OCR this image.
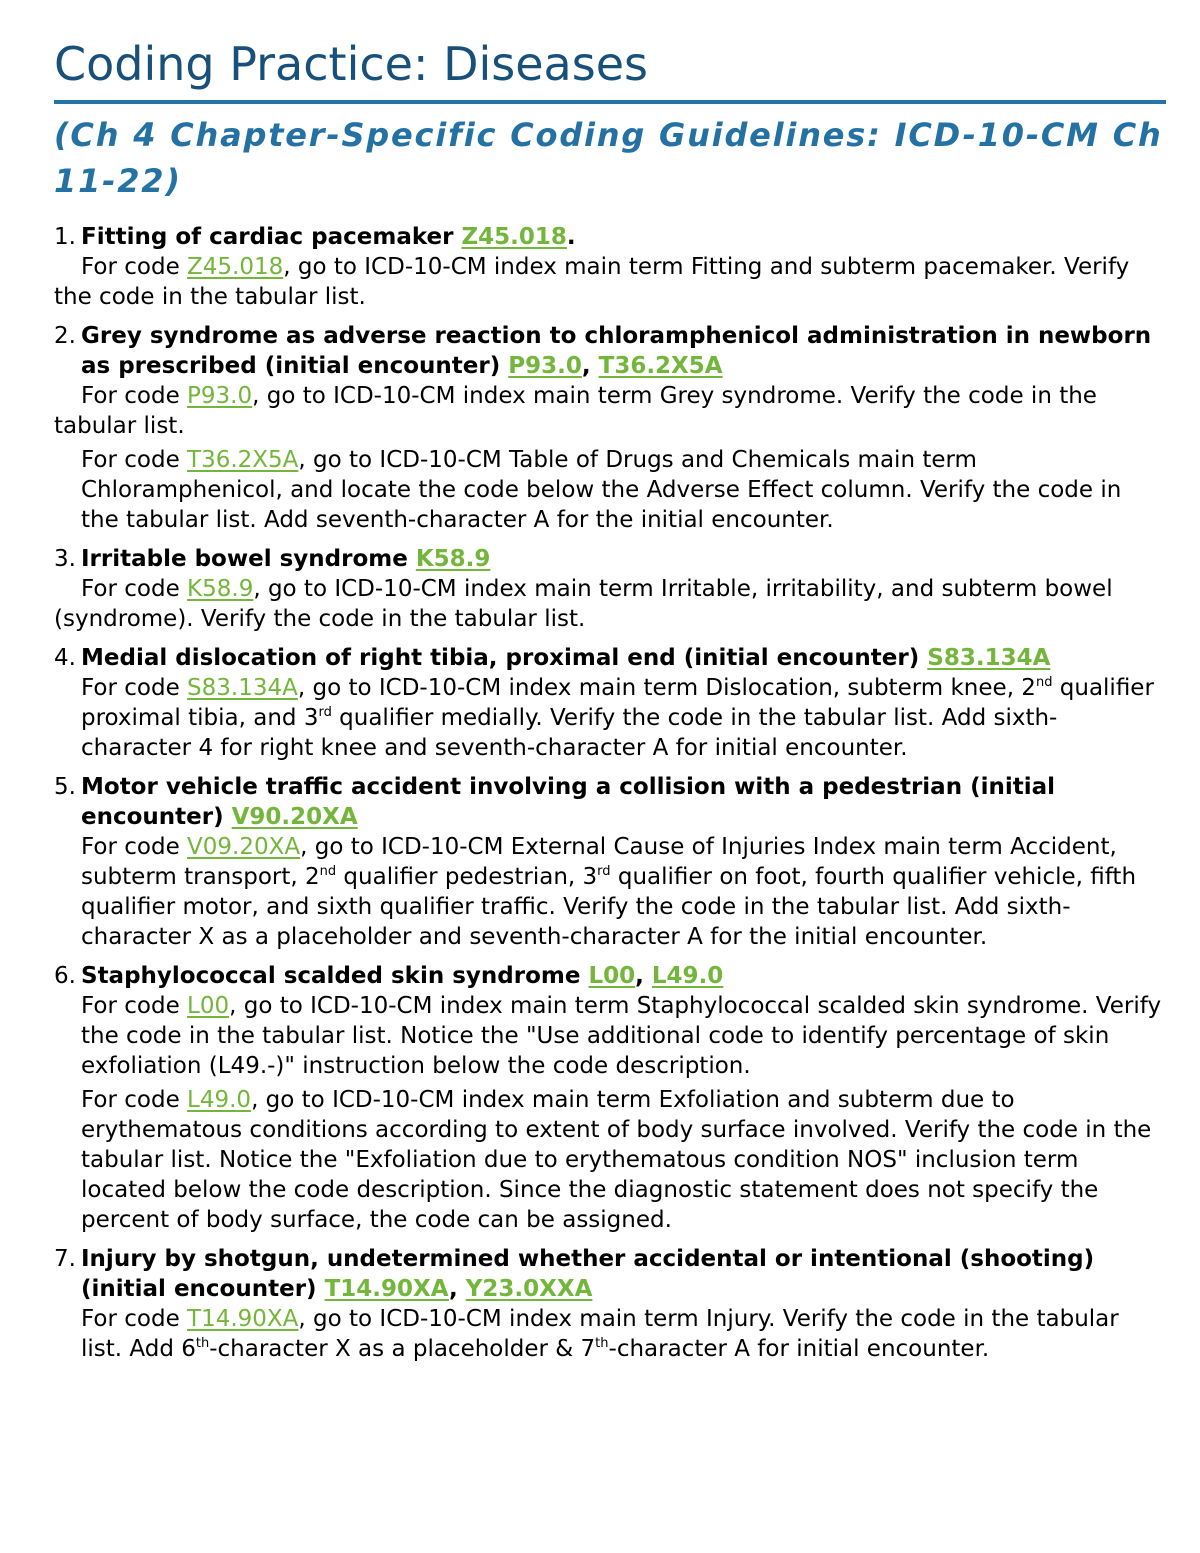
Coding Practice: Diseases
(Ch 4 Chapter-Specific Coding Guidelines: ICD-10-CM Ch 11-22)
1. Fitting of cardiac pacemaker Z45.018.
For code Z45.018, go to ICD-10-CM index main term Fitting and subterm pacemaker. Verify the code in the tabular list.
2. Grey syndrome as adverse reaction to chloramphenicol administration in newborn as prescribed (initial encounter) P93.0, T36.2X5A
For code P93.0, go to ICD-10-CM index main term Grey syndrome. Verify the code in the tabular list.
For code T36.2X5A, go to ICD-10-CM Table of Drugs and Chemicals main term Chloramphenicol, and locate the code below the Adverse Effect column. Verify the code in the tabular list. Add seventh-character A for the initial encounter.
3. Irritable bowel syndrome K58.9
For code K58.9, go to ICD-10-CM index main term Irritable, irritability, and subterm bowel (syndrome). Verify the code in the tabular list.
4. Medial dislocation of right tibia, proximal end (initial encounter) S83.134A
For code S83.134A, go to ICD-10-CM index main term Dislocation, subterm knee, 2nd qualifier proximal tibia, and 3rd qualifier medially. Verify the code in the tabular list. Add sixth-character 4 for right knee and seventh-character A for initial encounter.
5. Motor vehicle traffic accident involving a collision with a pedestrian (initial encounter) V90.20XA
For code V09.20XA, go to ICD-10-CM External Cause of Injuries Index main term Accident, subterm transport, 2nd qualifier pedestrian, 3rd qualifier on foot, fourth qualifier vehicle, fifth qualifier motor, and sixth qualifier traffic. Verify the code in the tabular list. Add sixth-character X as a placeholder and seventh-character A for the initial encounter.
6. Staphylococcal scalded skin syndrome L00, L49.0
For code L00, go to ICD-10-CM index main term Staphylococcal scalded skin syndrome. Verify the code in the tabular list. Notice the "Use additional code to identify percentage of skin exfoliation (L49.-)" instruction below the code description.
For code L49.0, go to ICD-10-CM index main term Exfoliation and subterm due to erythematous conditions according to extent of body surface involved. Verify the code in the tabular list. Notice the "Exfoliation due to erythematous condition NOS" inclusion term located below the code description. Since the diagnostic statement does not specify the percent of body surface, the code can be assigned.
7. Injury by shotgun, undetermined whether accidental or intentional (shooting) (initial encounter) T14.90XA, Y23.0XXA
For code T14.90XA, go to ICD-10-CM index main term Injury. Verify the code in the tabular list. Add 6th-character X as a placeholder & 7th-character A for initial encounter.
